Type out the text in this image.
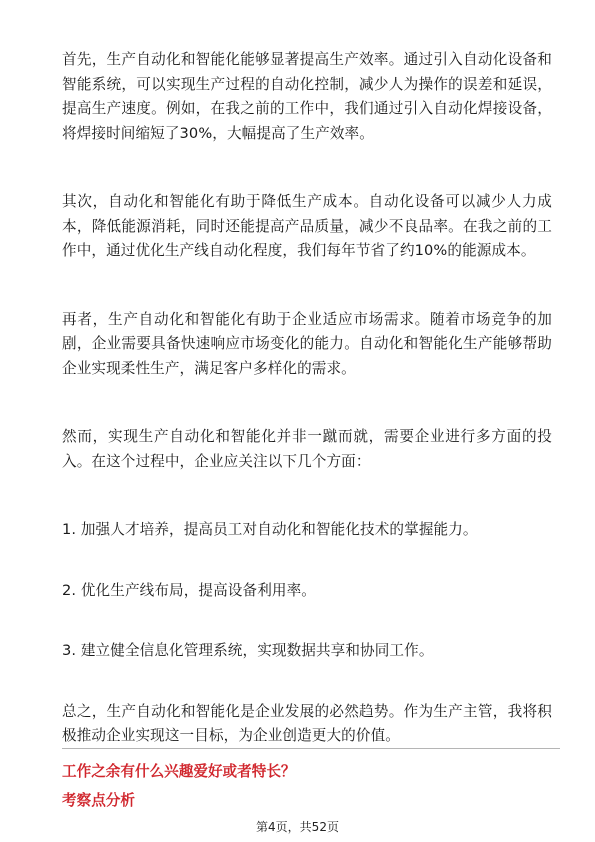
首先，生产自动化和智能化能够显著提高生产效率。通过引入自动化设备和智能系统，可以实现生产过程的自动化控制，减少人为操作的误差和延误，提高生产速度。例如，在我之前的工作中，我们通过引入自动化焊接设备，将焊接时间缩短了30%，大幅提高了生产效率。

其次，自动化和智能化有助于降低生产成本。自动化设备可以减少人力成本，降低能源消耗，同时还能提高产品质量，减少不良品率。在我之前的工作中，通过优化生产线自动化程度，我们每年节省了约10%的能源成本。

再者，生产自动化和智能化有助于企业适应市场需求。随着市场竞争的加剧，企业需要具备快速响应市场变化的能力。自动化和智能化生产能够帮助企业实现柔性生产，满足客户多样化的需求。

然而，实现生产自动化和智能化并非一蹴而就，需要企业进行多方面的投入。在这个过程中，企业应关注以下几个方面：

1. 加强人才培养，提高员工对自动化和智能化技术的掌握能力。

2. 优化生产线布局，提高设备利用率。

3. 建立健全信息化管理系统，实现数据共享和协同工作。

总之，生产自动化和智能化是企业发展的必然趋势。作为生产主管，我将积极推动企业实现这一目标，为企业创造更大的价值。

工作之余有什么兴趣爱好或者特长？

考察点分析

第4页，共52页
